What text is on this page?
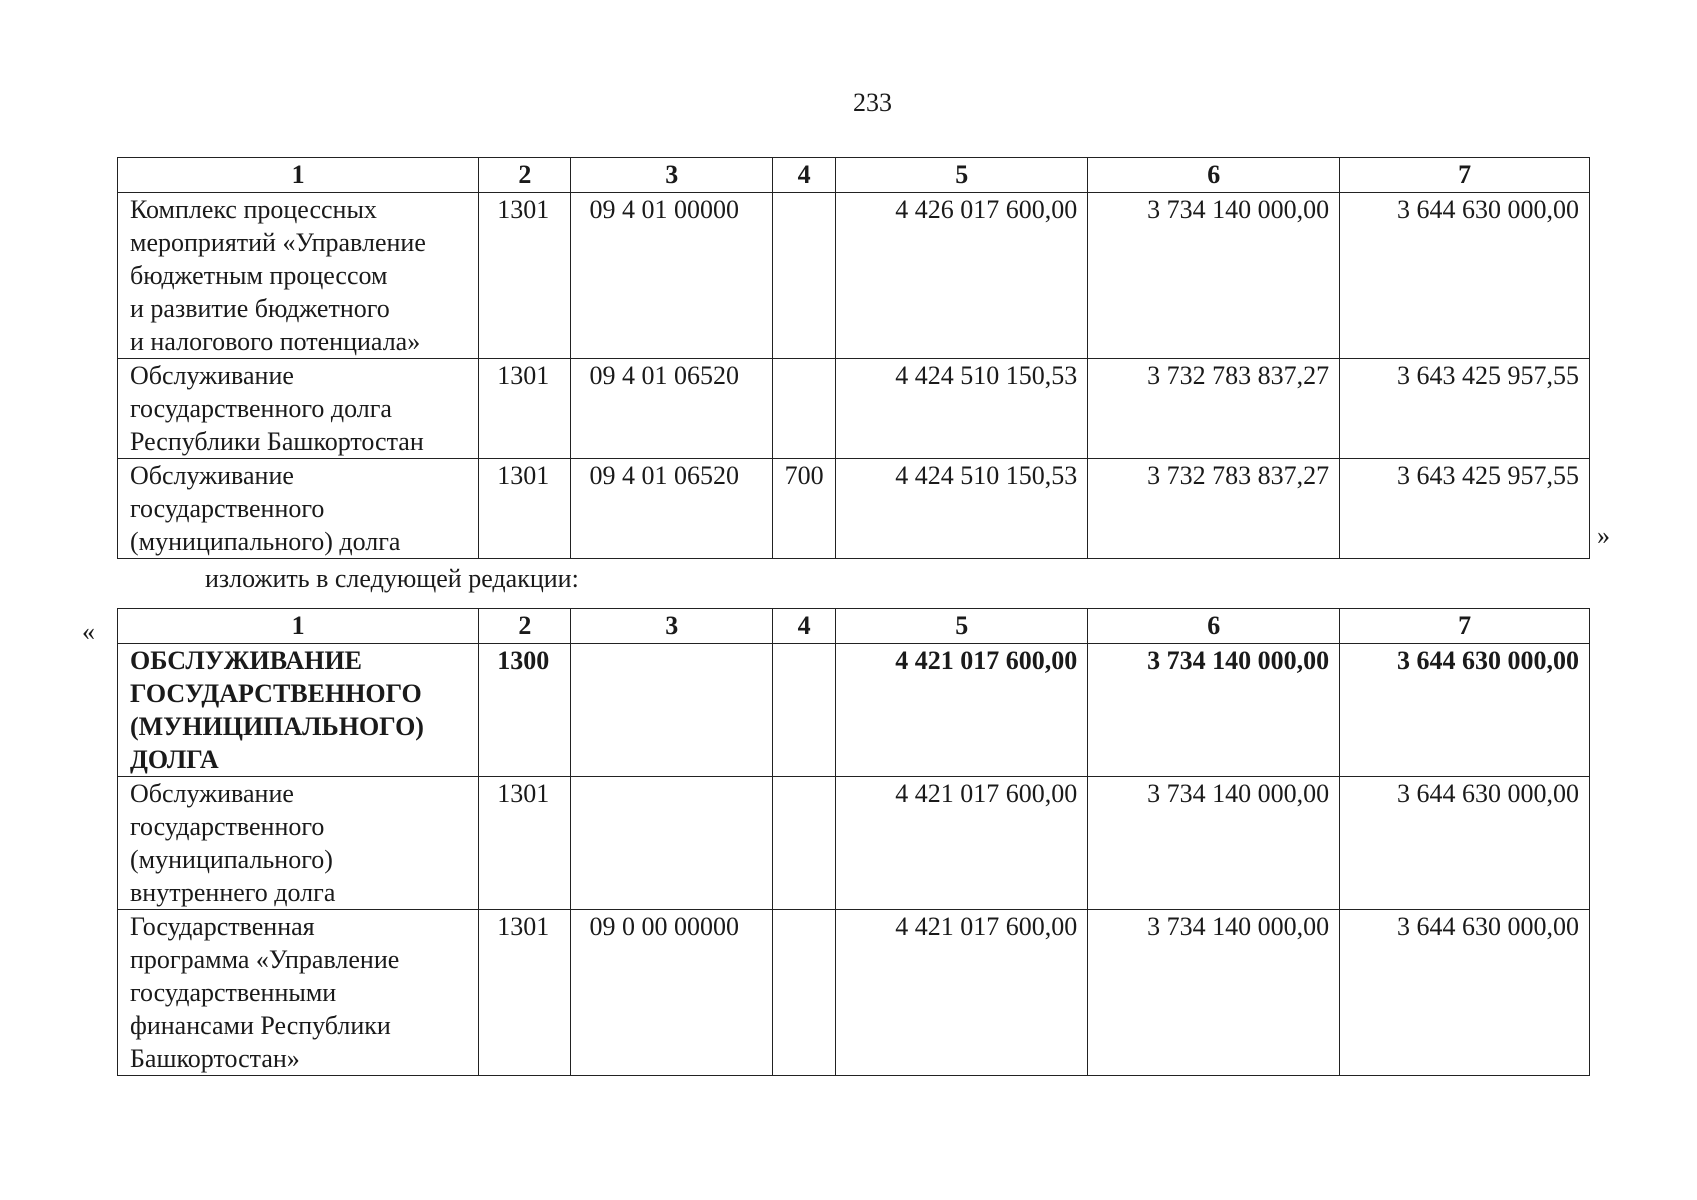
233
1	2	3	4	5	6	7

Комплекс процессных
мероприятий «Управление
бюджетным процессом
и развитие бюджетного
и налогового потенциала»	1301	09 4 01 00000		4 426 017 600,00	3 734 140 000,00	3 644 630 000,00

Обслуживание
государственного долга
Республики Башкортостан	1301	09 4 01 06520		4 424 510 150,53	3 732 783 837,27	3 643 425 957,55

Обслуживание
государственного
(муниципального) долга	1301	09 4 01 06520	700	4 424 510 150,53	3 732 783 837,27	3 643 425 957,55
»
изложить в следующей редакции:
«	1	2	3	4	5	6	7

ОБСЛУЖИВАНИЕ
ГОСУДАРСТВЕННОГО
(МУНИЦИПАЛЬНОГО)
ДОЛГА	1300			4 421 017 600,00	3 734 140 000,00	3 644 630 000,00

Обслуживание
государственного
(муниципального)
внутреннего долга	1301			4 421 017 600,00	3 734 140 000,00	3 644 630 000,00

Государственная
программа «Управление
государственными
финансами Республики
Башкортостан»	1301	09 0 00 00000		4 421 017 600,00	3 734 140 000,00	3 644 630 000,00
